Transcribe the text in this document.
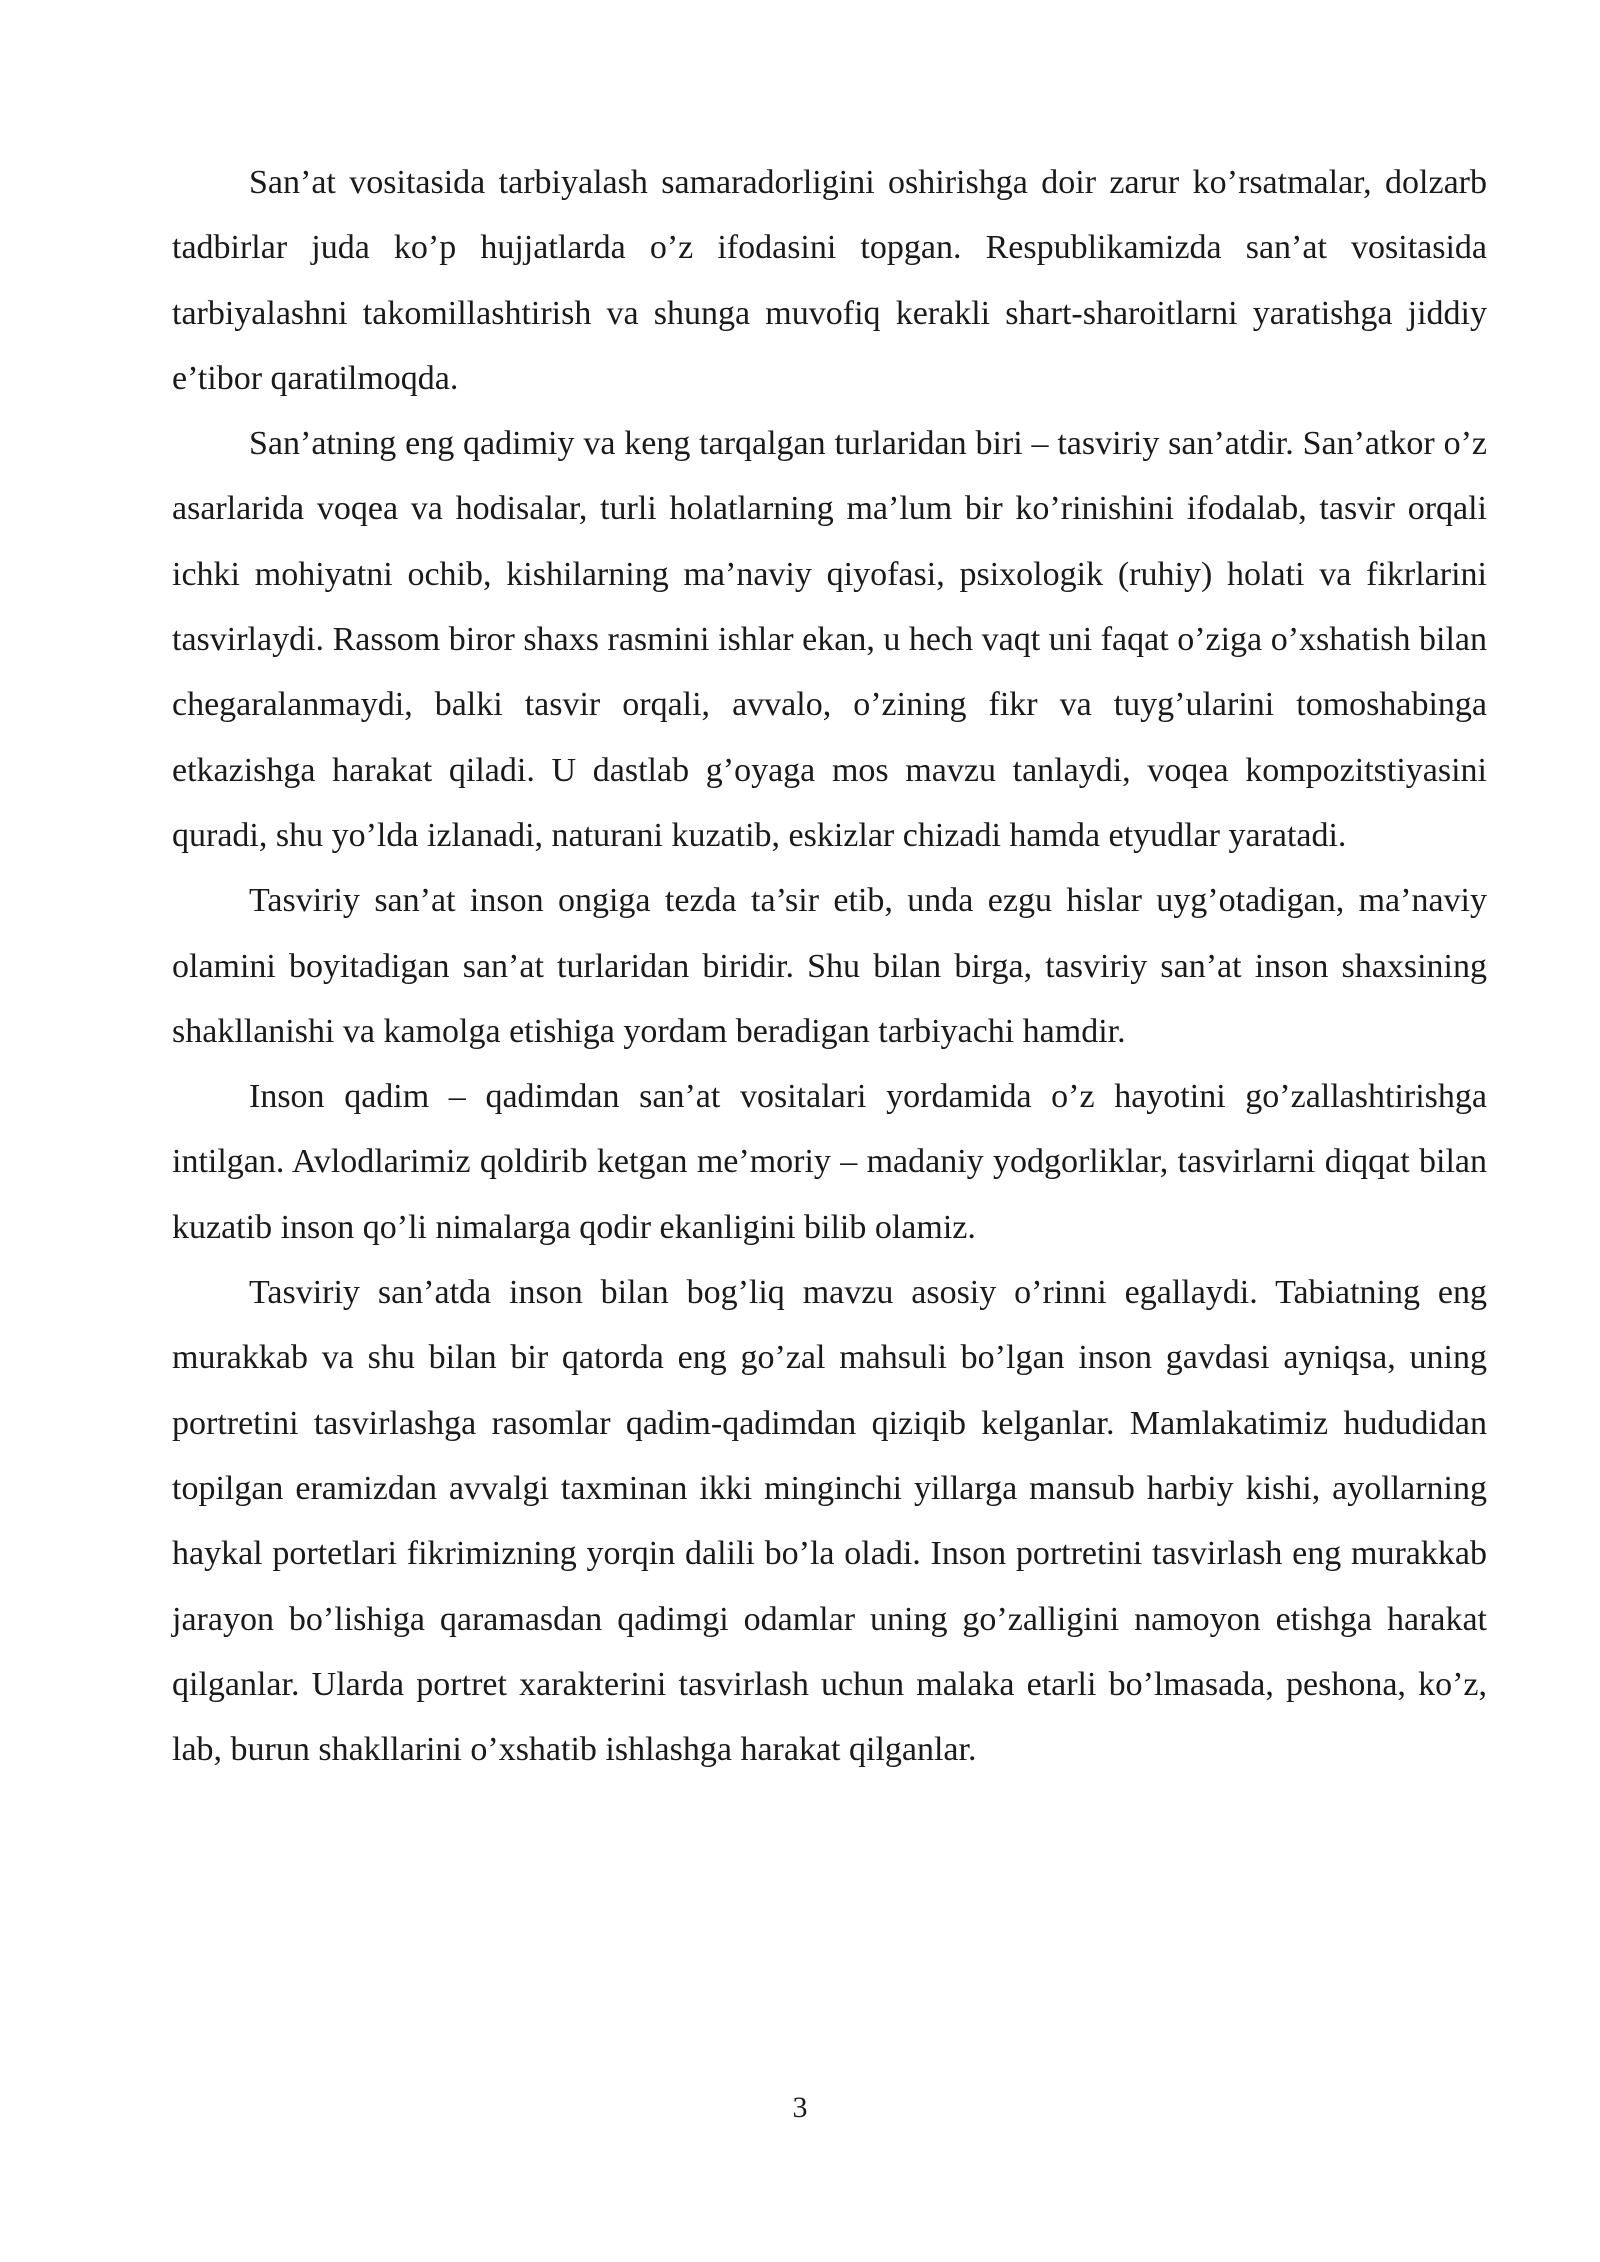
San’at vositasida tarbiyalash samaradorligini oshirishga doir zarur ko’rsatmalar, dolzarb tadbirlar juda ko’p hujjatlarda o’z ifodasini topgan. Respublikamizda san’at vositasida tarbiyalashni takomillashtirish va shunga muvofiq kerakli shart-sharoitlarni yaratishga jiddiy e’tibor qaratilmoqda.

San’atning eng qadimiy va keng tarqalgan turlaridan biri – tasviriy san’atdir. San’atkor o’z asarlarida voqea va hodisalar, turli holatlarning ma’lum bir ko’rinishini ifodalab, tasvir orqali ichki mohiyatni ochib, kishilarning ma’naviy qiyofasi, psixologik (ruhiy) holati va fikrlarini tasvirlaydi. Rassom biror shaxs rasmini ishlar ekan, u hech vaqt uni faqat o’ziga o’xshatish bilan chegaralanmaydi, balki tasvir orqali, avvalo, o’zining fikr va tuyg’ularini tomoshabinga etkazishga harakat qiladi. U dastlab g’oyaga mos mavzu tanlaydi, voqea kompozitstiyasini quradi, shu yo’lda izlanadi, naturani kuzatib, eskizlar chizadi hamda etyudlar yaratadi.

Tasviriy san’at inson ongiga tezda ta’sir etib, unda ezgu hislar uyg’otadigan, ma’naviy olamini boyitadigan san’at turlaridan biridir. Shu bilan birga, tasviriy san’at inson shaxsining shakllanishi va kamolga etishiga yordam beradigan tarbiyachi hamdir.

Inson qadim – qadimdan san’at vositalari yordamida o’z hayotini go’zallashtirishga intilgan. Avlodlarimiz qoldirib ketgan me’moriy – madaniy yodgorliklar, tasvirlarni diqqat bilan kuzatib inson qo’li nimalarga qodir ekanligini bilib olamiz.

Tasviriy san’atda inson bilan bog’liq mavzu asosiy o’rinni egallaydi. Tabiatning eng murakkab va shu bilan bir qatorda eng go’zal mahsuli bo’lgan inson gavdasi ayniqsa, uning portretini tasvirlashga rasomlar qadim-qadimdan qiziqib kelganlar. Mamlakatimiz hududidan topilgan eramizdan avvalgi taxminan ikki minginchi yillarga mansub harbiy kishi, ayollarning haykal portetlari fikrimizning yorqin dalili bo’la oladi. Inson portretini tasvirlash eng murakkab jarayon bo’lishiga qaramasdan qadimgi odamlar uning go’zalligini namoyon etishga harakat qilganlar. Ularda portret xarakterini tasvirlash uchun malaka etarli bo’lmasada, peshona, ko’z, lab, burun shakllarini o’xshatib ishlashga harakat qilganlar.

3
